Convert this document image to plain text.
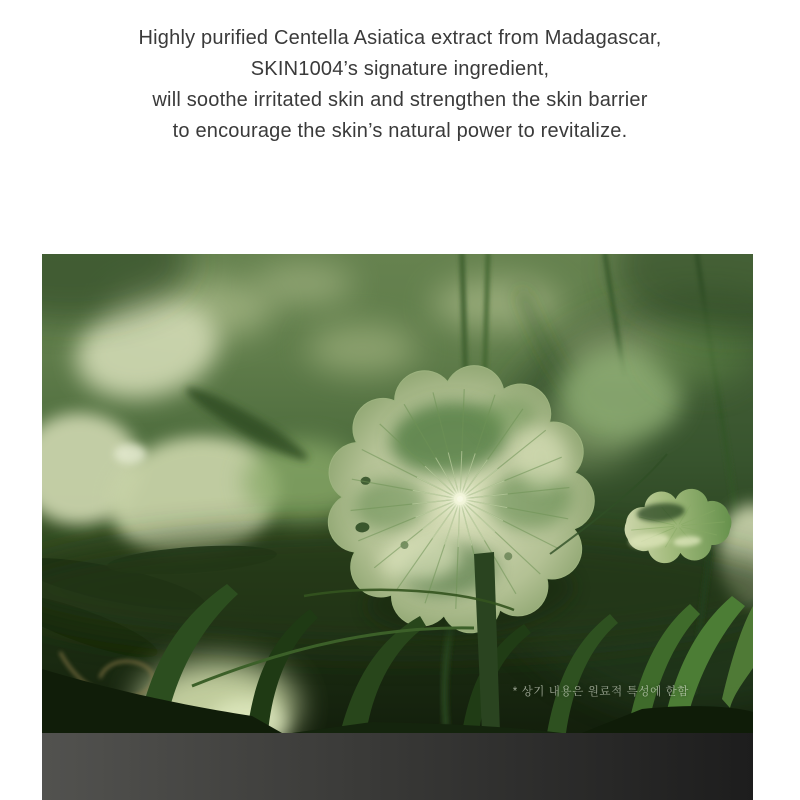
Highly purified Centella Asiatica extract from Madagascar,

SKIN1004’s signature ingredient,

will soothe irritated skin and strengthen the skin barrier

to encourage the skin’s natural power to revitalize.

* 상기 내용은 원료적 특성에 한함
